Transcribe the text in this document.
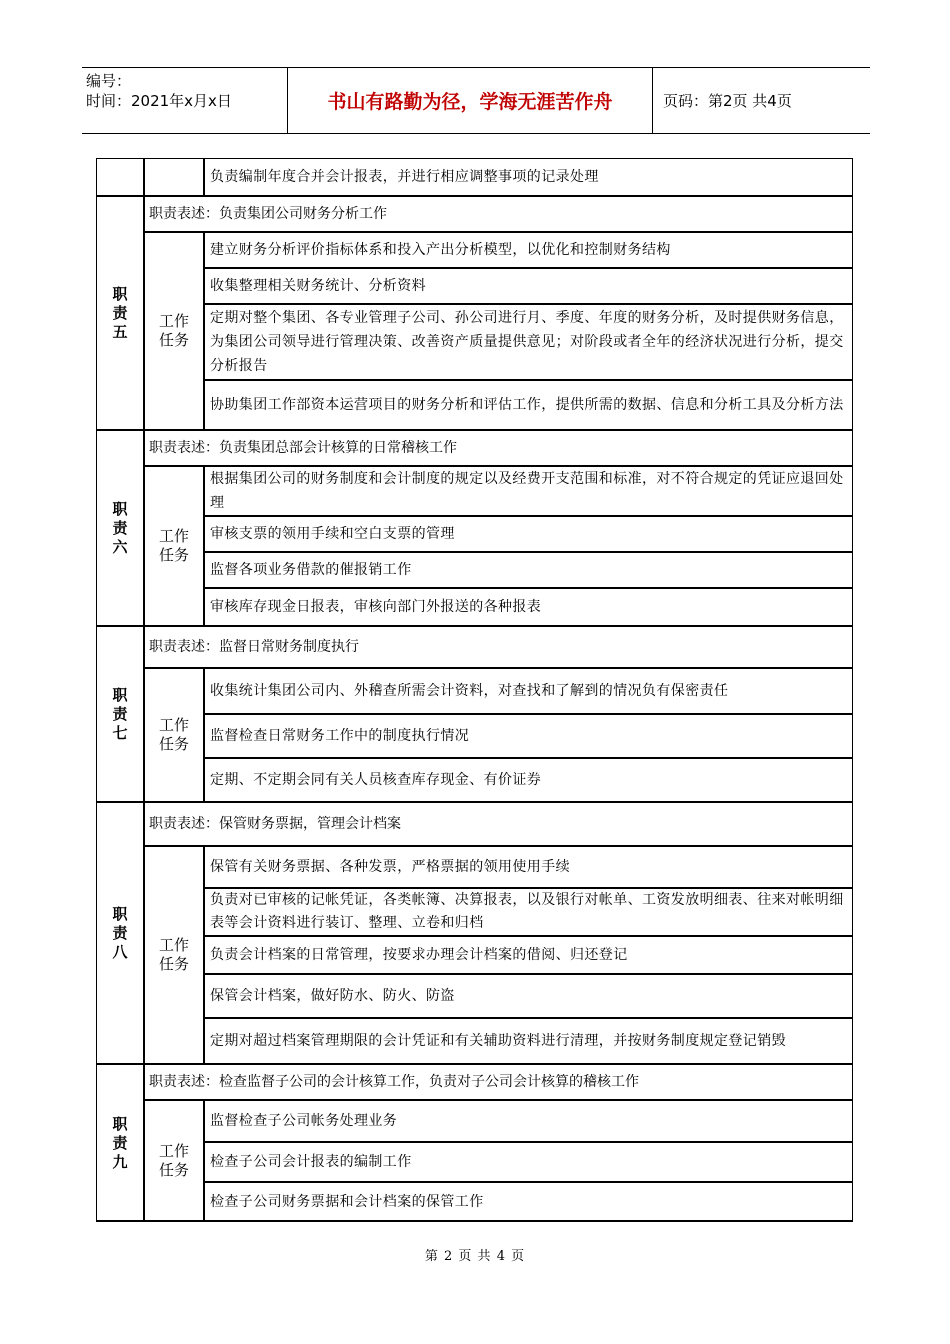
编号：
时间：2021年x月x日	书山有路勤为径，学海无涯苦作舟	页码：第2页 共4页
负责编制年度合并会计报表，并进行相应调整事项的记录处理
职责五
职责表述：负责集团公司财务分析工作
工作任务
建立财务分析评价指标体系和投入产出分析模型，以优化和控制财务结构
收集整理相关财务统计、分析资料
定期对整个集团、各专业管理子公司、孙公司进行月、季度、年度的财务分析，及时提供财务信息，为集团公司领导进行管理决策、改善资产质量提供意见；对阶段或者全年的经济状况进行分析，提交分析报告
协助集团工作部资本运营项目的财务分析和评估工作，提供所需的数据、信息和分析工具及分析方法
职责六
职责表述：负责集团总部会计核算的日常稽核工作
工作任务
根据集团公司的财务制度和会计制度的规定以及经费开支范围和标准，对不符合规定的凭证应退回处理
审核支票的领用手续和空白支票的管理
监督各项业务借款的催报销工作
审核库存现金日报表，审核向部门外报送的各种报表
职责七
职责表述：监督日常财务制度执行
工作任务
收集统计集团公司内、外稽查所需会计资料，对查找和了解到的情况负有保密责任
监督检查日常财务工作中的制度执行情况
定期、不定期会同有关人员核查库存现金、有价证券
职责八
职责表述：保管财务票据，管理会计档案
工作任务
保管有关财务票据、各种发票，严格票据的领用使用手续
负责对已审核的记帐凭证，各类帐簿、决算报表，以及银行对帐单、工资发放明细表、往来对帐明细表等会计资料进行装订、整理、立卷和归档
负责会计档案的日常管理，按要求办理会计档案的借阅、归还登记
保管会计档案，做好防水、防火、防盗
定期对超过档案管理期限的会计凭证和有关辅助资料进行清理，并按财务制度规定登记销毁
职责九
职责表述：检查监督子公司的会计核算工作，负责对子公司会计核算的稽核工作
工作任务
监督检查子公司帐务处理业务
检查子公司会计报表的编制工作
检查子公司财务票据和会计档案的保管工作
第 2 页 共 4 页
